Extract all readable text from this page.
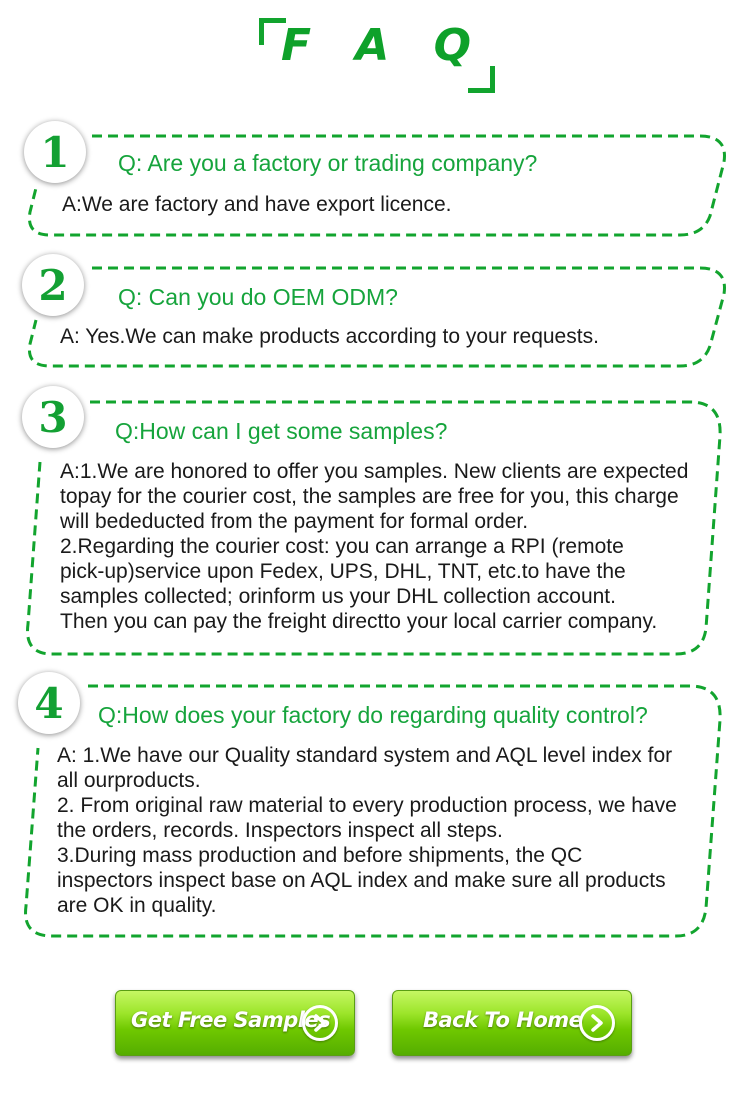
F A Q
1	Q: Are you a factory or trading company?
A:We are factory and have export licence.
2	Q: Can you do OEM ODM?
A: Yes.We can make products according to your requests.
3	Q:How can I get some samples?
A:1.We are honored to offer you samples. New clients are expected
topay for the courier cost, the samples are free for you, this charge
will bededucted from the payment for formal order.
2.Regarding the courier cost: you can arrange a RPI (remote
pick-up)service upon Fedex, UPS, DHL, TNT, etc.to have the
samples collected; orinform us your DHL collection account.
Then you can pay the freight directto your local carrier company.
4	Q:How does your factory do regarding quality control?
A: 1.We have our Quality standard system and AQL level index for
all ourproducts.
2. From original raw material to every production process, we have
the orders, records. Inspectors inspect all steps.
3.During mass production and before shipments, the QC
inspectors inspect base on AQL index and make sure all products
are OK in quality.
Get Free Samples	Back To Home
